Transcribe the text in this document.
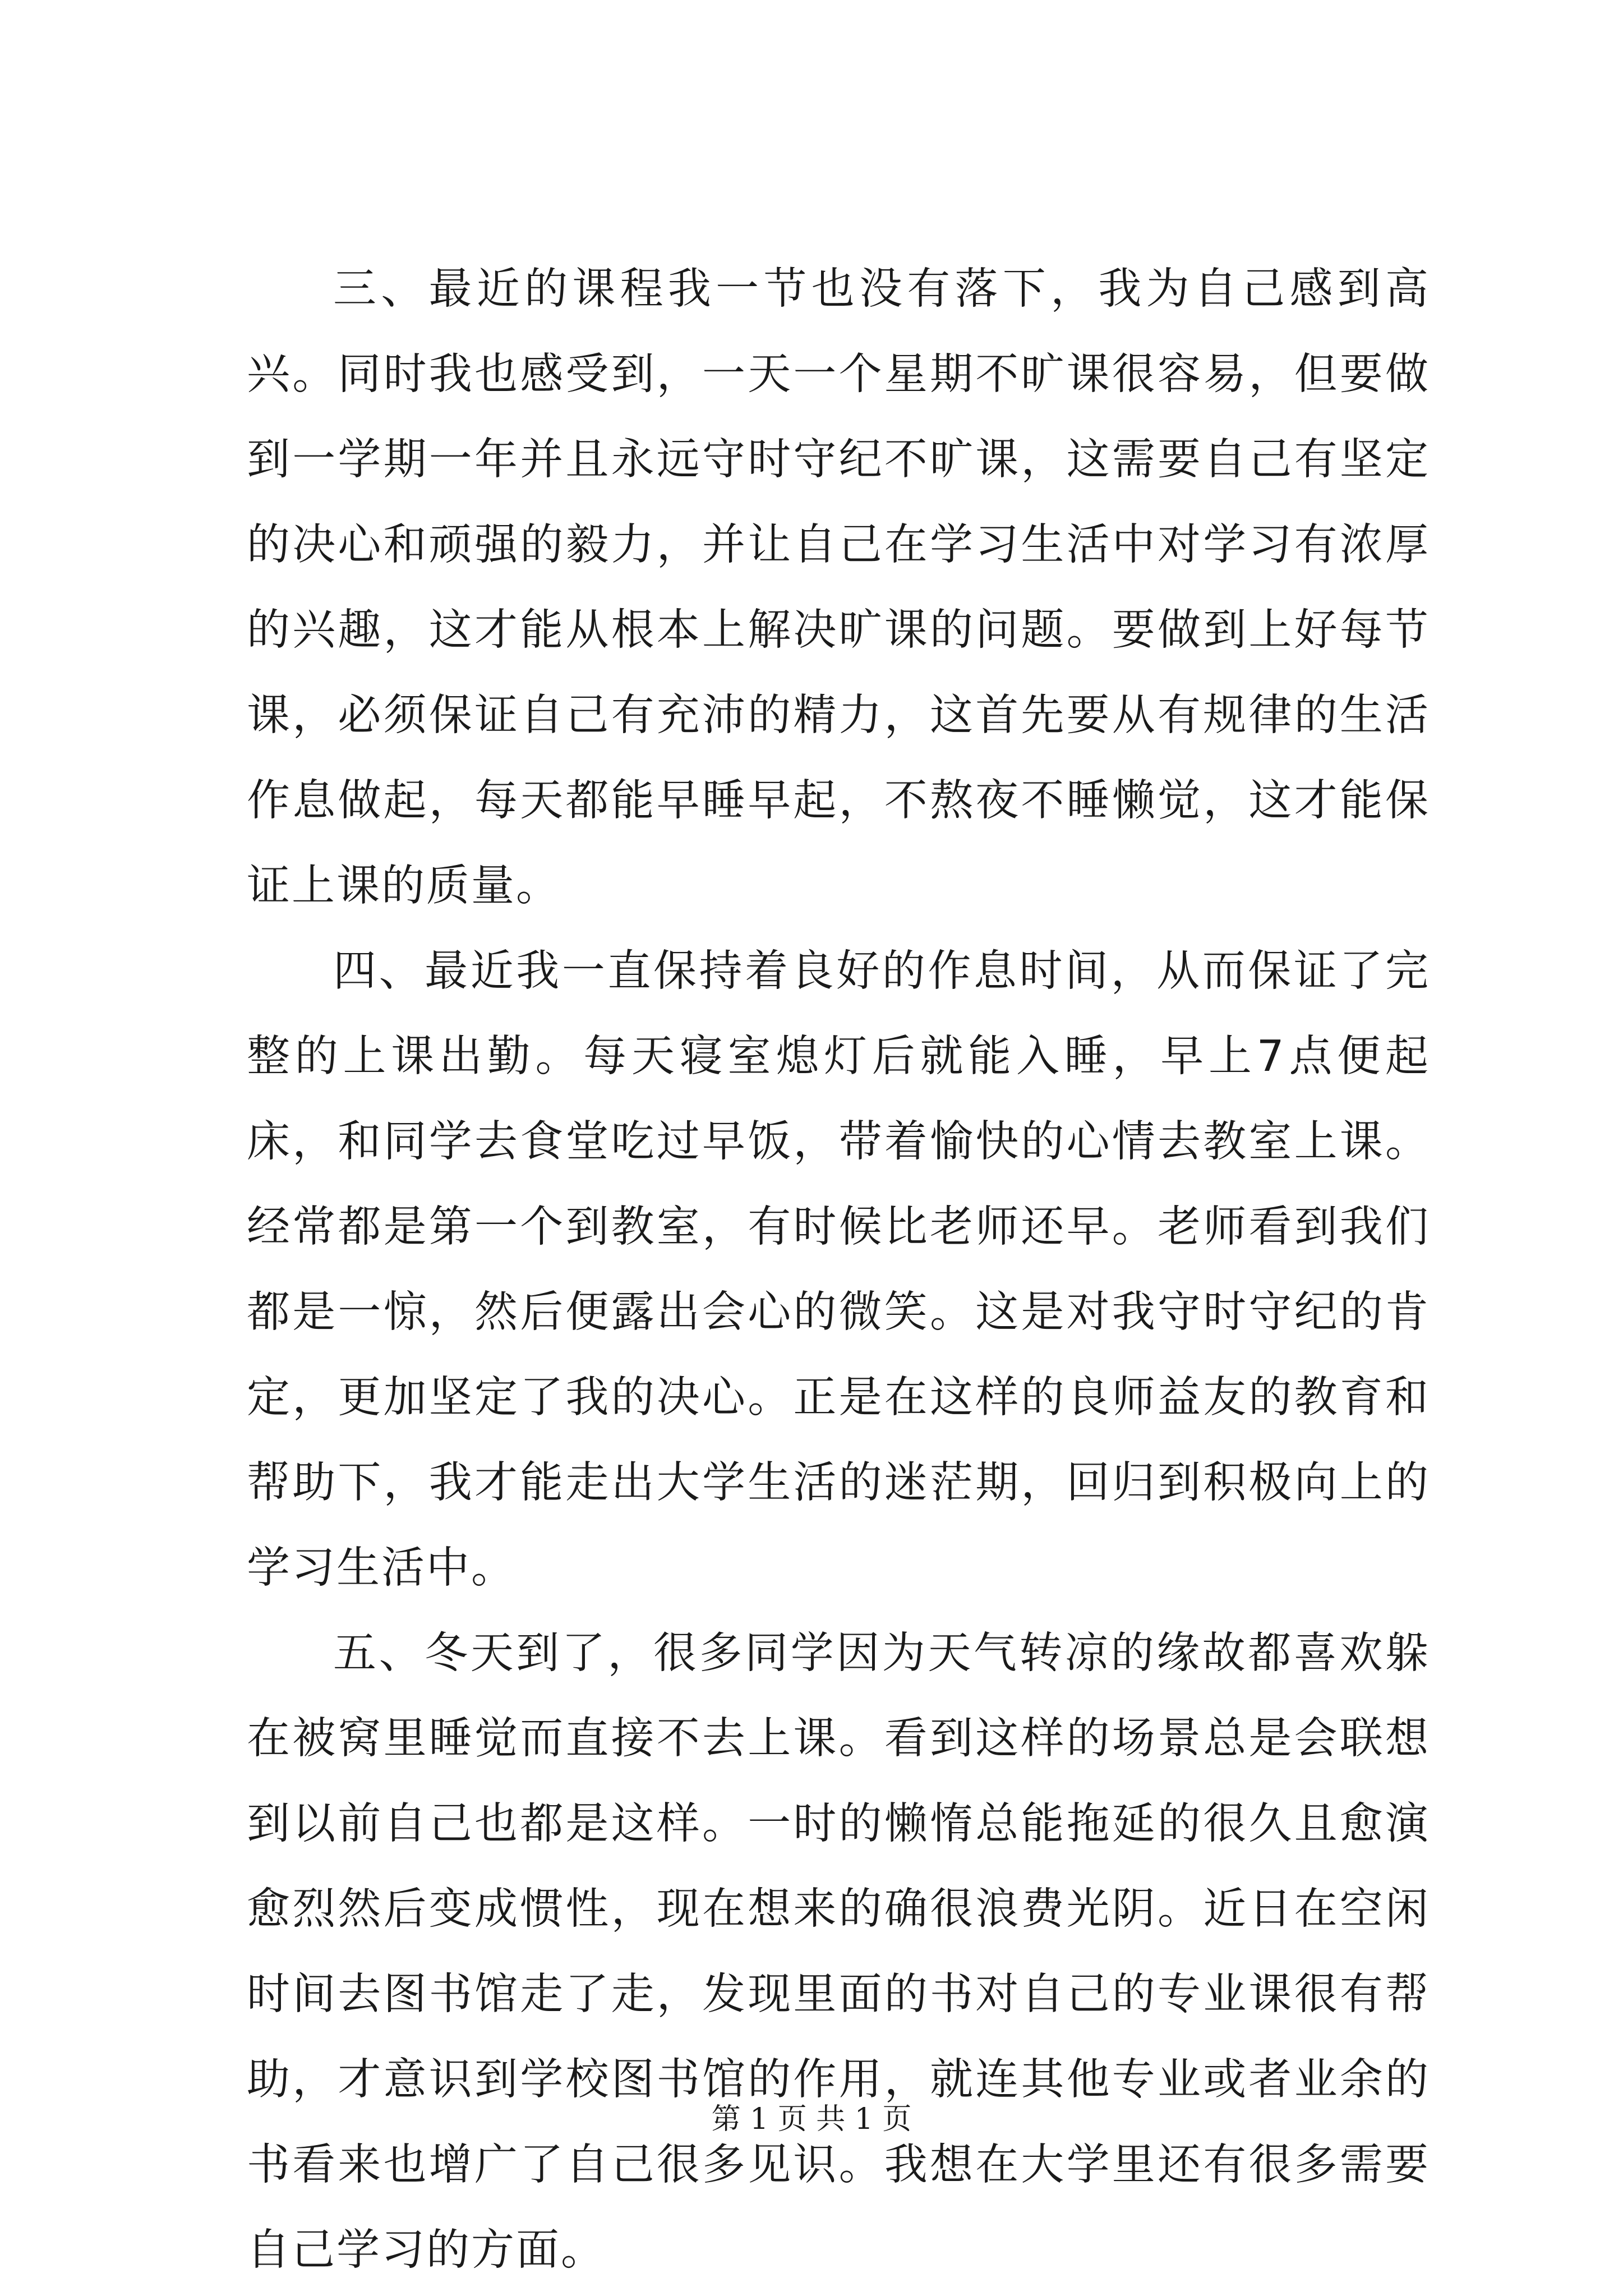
三、最近的课程我一节也没有落下，我为自己感到高兴。同时我也感受到，一天一个星期不旷课很容易，但要做到一学期一年并且永远守时守纪不旷课，这需要自己有坚定的决心和顽强的毅力，并让自己在学习生活中对学习有浓厚的兴趣，这才能从根本上解决旷课的问题。要做到上好每节课，必须保证自己有充沛的精力，这首先要从有规律的生活作息做起，每天都能早睡早起，不熬夜不睡懒觉，这才能保证上课的质量。

四、最近我一直保持着良好的作息时间，从而保证了完整的上课出勤。每天寝室熄灯后就能入睡，早上7点便起床，和同学去食堂吃过早饭，带着愉快的心情去教室上课。经常都是第一个到教室，有时候比老师还早。老师看到我们都是一惊，然后便露出会心的微笑。这是对我守时守纪的肯定，更加坚定了我的决心。正是在这样的良师益友的教育和帮助下，我才能走出大学生活的迷茫期，回归到积极向上的学习生活中。

五、冬天到了，很多同学因为天气转凉的缘故都喜欢躲在被窝里睡觉而直接不去上课。看到这样的场景总是会联想到以前自己也都是这样。一时的懒惰总能拖延的很久且愈演愈烈然后变成惯性，现在想来的确很浪费光阴。近日在空闲时间去图书馆走了走，发现里面的书对自己的专业课很有帮助，才意识到学校图书馆的作用，就连其他专业或者业余的书看来也增广了自己很多见识。我想在大学里还有很多需要自己学习的方面。

第 1 页 共 1 页
